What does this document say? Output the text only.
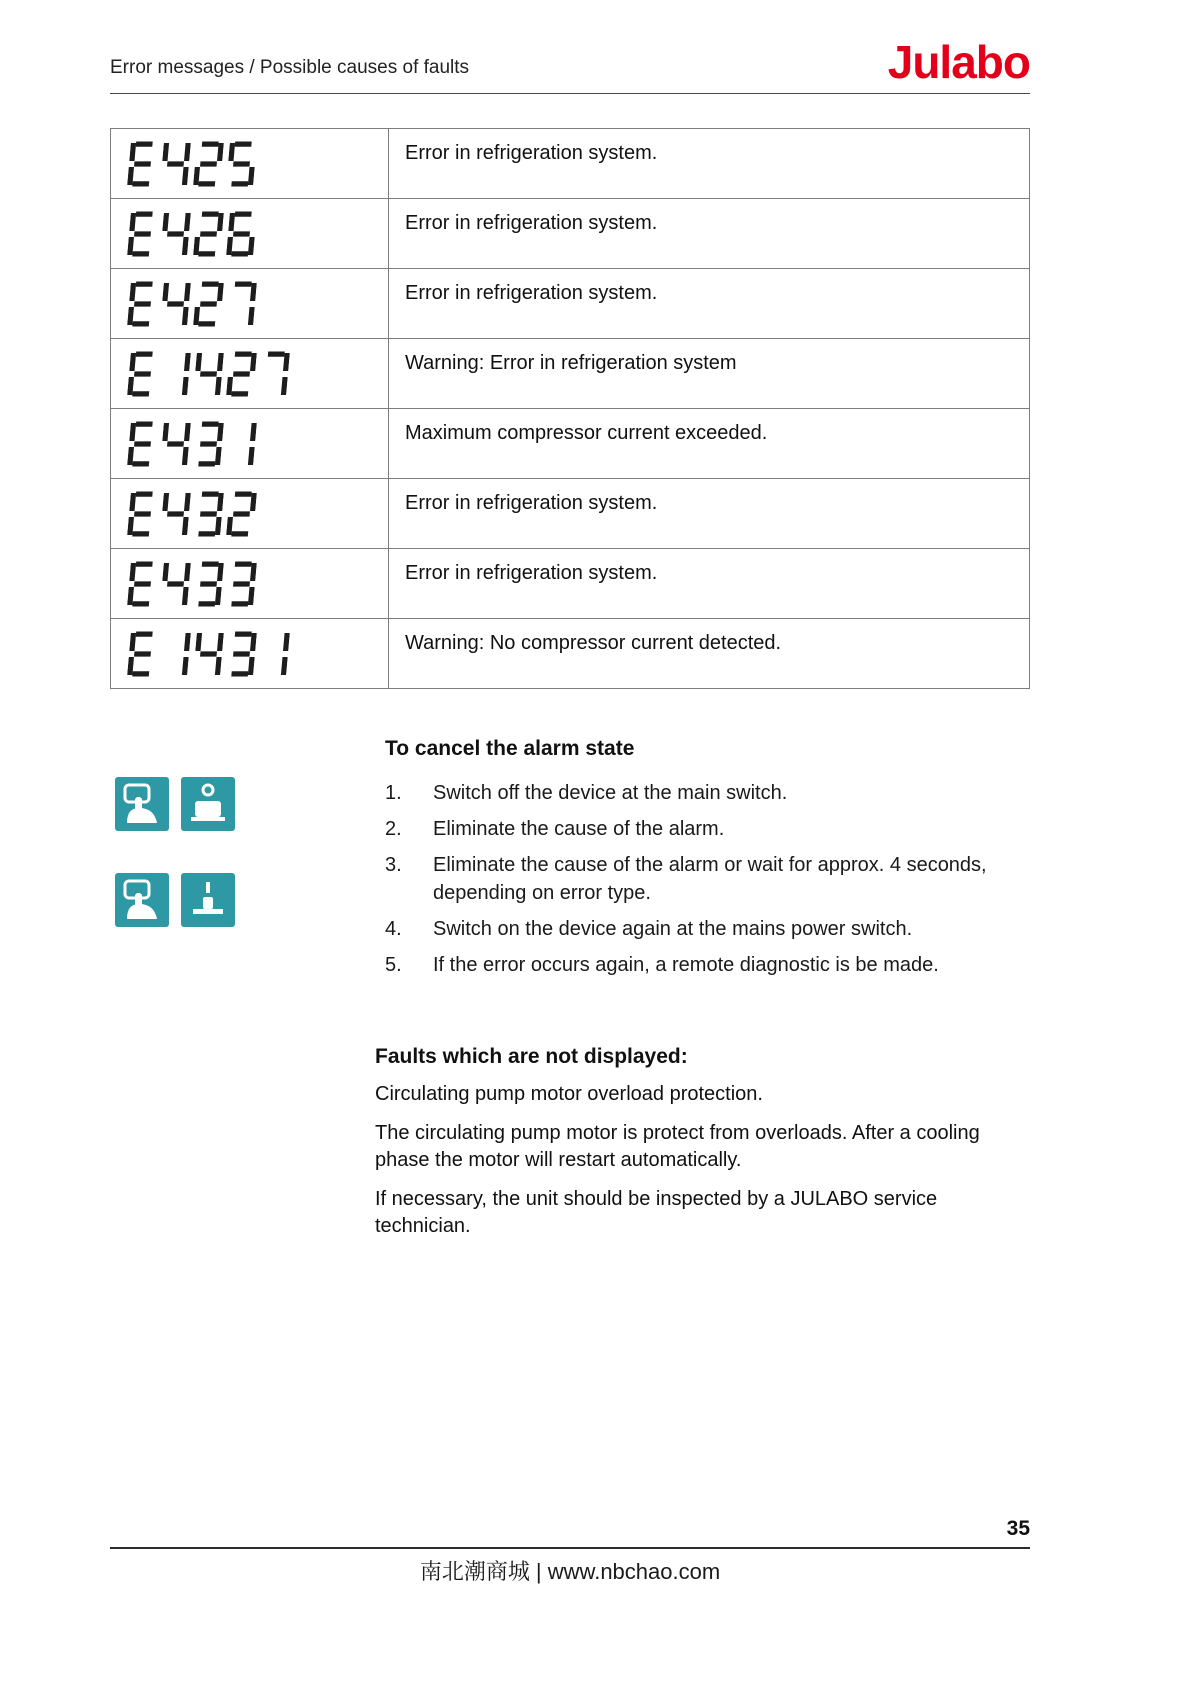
Error messages / Possible causes of faults	Julabo
	Error in refrigeration system.

	Error in refrigeration system.

	Error in refrigeration system.

	Warning: Error in refrigeration system

	Maximum compressor current exceeded.

	Error in refrigeration system.

	Error in refrigeration system.

	Warning: No compressor current detected.
To cancel the alarm state
1.	Switch off the device at the main switch.
2.	Eliminate the cause of the alarm.
3.	Eliminate the cause of the alarm or wait for approx. 4 seconds, depending on error type.
4.	Switch on the device again at the mains power switch.
5.	If the error occurs again, a remote diagnostic is be made.
Faults which are not displayed:

Circulating pump motor overload protection.

The circulating pump motor is protect from overloads. After a cooling phase the motor will restart automatically.

If necessary, the unit should be inspected by a JULABO service technician.

35
南北潮商城 | www.nbchao.com
